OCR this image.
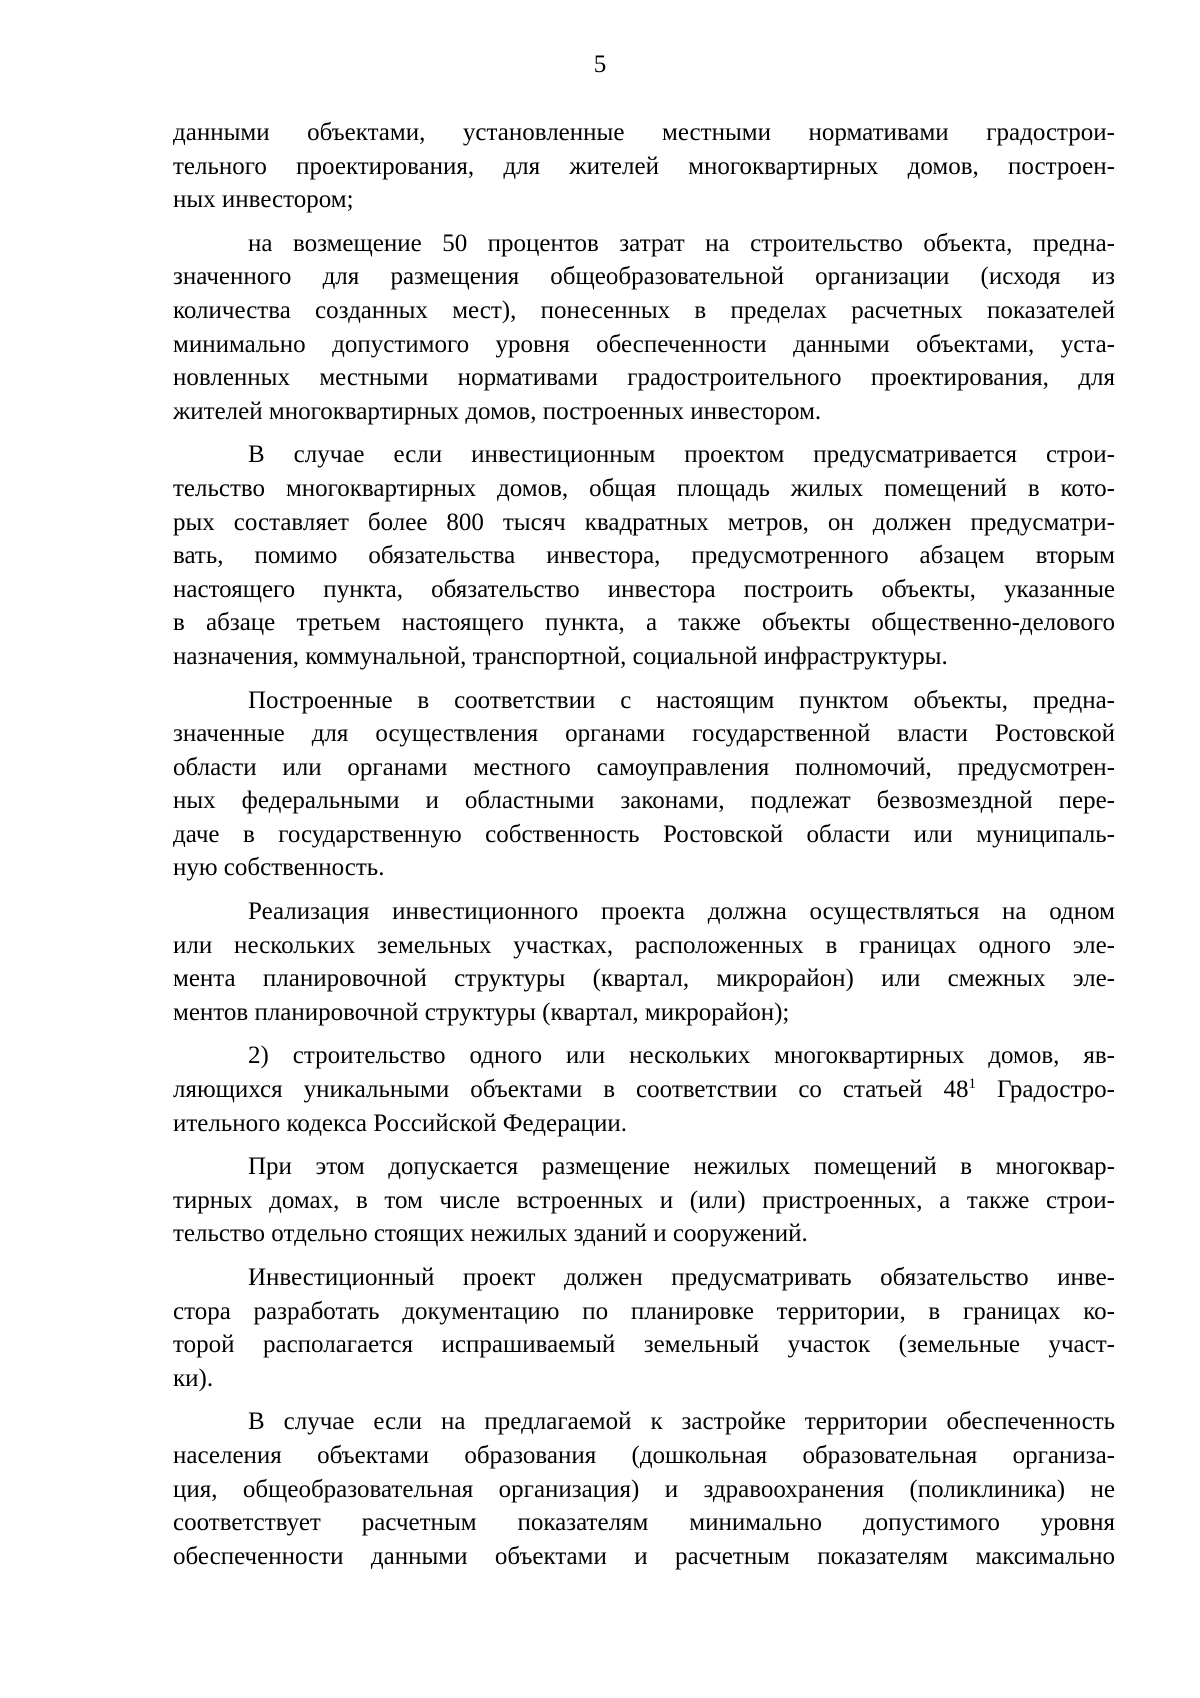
5
данными объектами, установленные местными нормативами градострои-
тельного проектирования, для жителей многоквартирных домов, построен-
ных инвестором;
на возмещение 50 процентов затрат на строительство объекта, предна-
значенного для размещения общеобразовательной организации (исходя из
количества созданных мест), понесенных в пределах расчетных показателей
минимально допустимого уровня обеспеченности данными объектами, уста-
новленных местными нормативами градостроительного проектирования, для
жителей многоквартирных домов, построенных инвестором.
В случае если инвестиционным проектом предусматривается строи-
тельство многоквартирных домов, общая площадь жилых помещений в кото-
рых составляет более 800 тысяч квадратных метров, он должен предусматри-
вать, помимо обязательства инвестора, предусмотренного абзацем вторым
настоящего пункта, обязательство инвестора построить объекты, указанные
в абзаце третьем настоящего пункта, а также объекты общественно-делового
назначения, коммунальной, транспортной, социальной инфраструктуры.
Построенные в соответствии с настоящим пунктом объекты, предна-
значенные для осуществления органами государственной власти Ростовской
области или органами местного самоуправления полномочий, предусмотрен-
ных федеральными и областными законами, подлежат безвозмездной пере-
даче в государственную собственность Ростовской области или муниципаль-
ную собственность.
Реализация инвестиционного проекта должна осуществляться на одном
или нескольких земельных участках, расположенных в границах одного эле-
мента планировочной структуры (квартал, микрорайон) или смежных эле-
ментов планировочной структуры (квартал, микрорайон);
2) строительство одного или нескольких многоквартирных домов, яв-
ляющихся уникальными объектами в соответствии со статьей $48^1$ Градостро-
ительного кодекса Российской Федерации.
При этом допускается размещение нежилых помещений в многоквар-
тирных домах, в том числе встроенных и (или) пристроенных, а также строи-
тельство отдельно стоящих нежилых зданий и сооружений.
Инвестиционный проект должен предусматривать обязательство инве-
стора разработать документацию по планировке территории, в границах ко-
торой располагается испрашиваемый земельный участок (земельные участ-
ки).
В случае если на предлагаемой к застройке территории обеспеченность
населения объектами образования (дошкольная образовательная организа-
ция, общеобразовательная организация) и здравоохранения (поликлиника) не
соответствует расчетным показателям минимально допустимого уровня
обеспеченности данными объектами и расчетным показателям максимально
